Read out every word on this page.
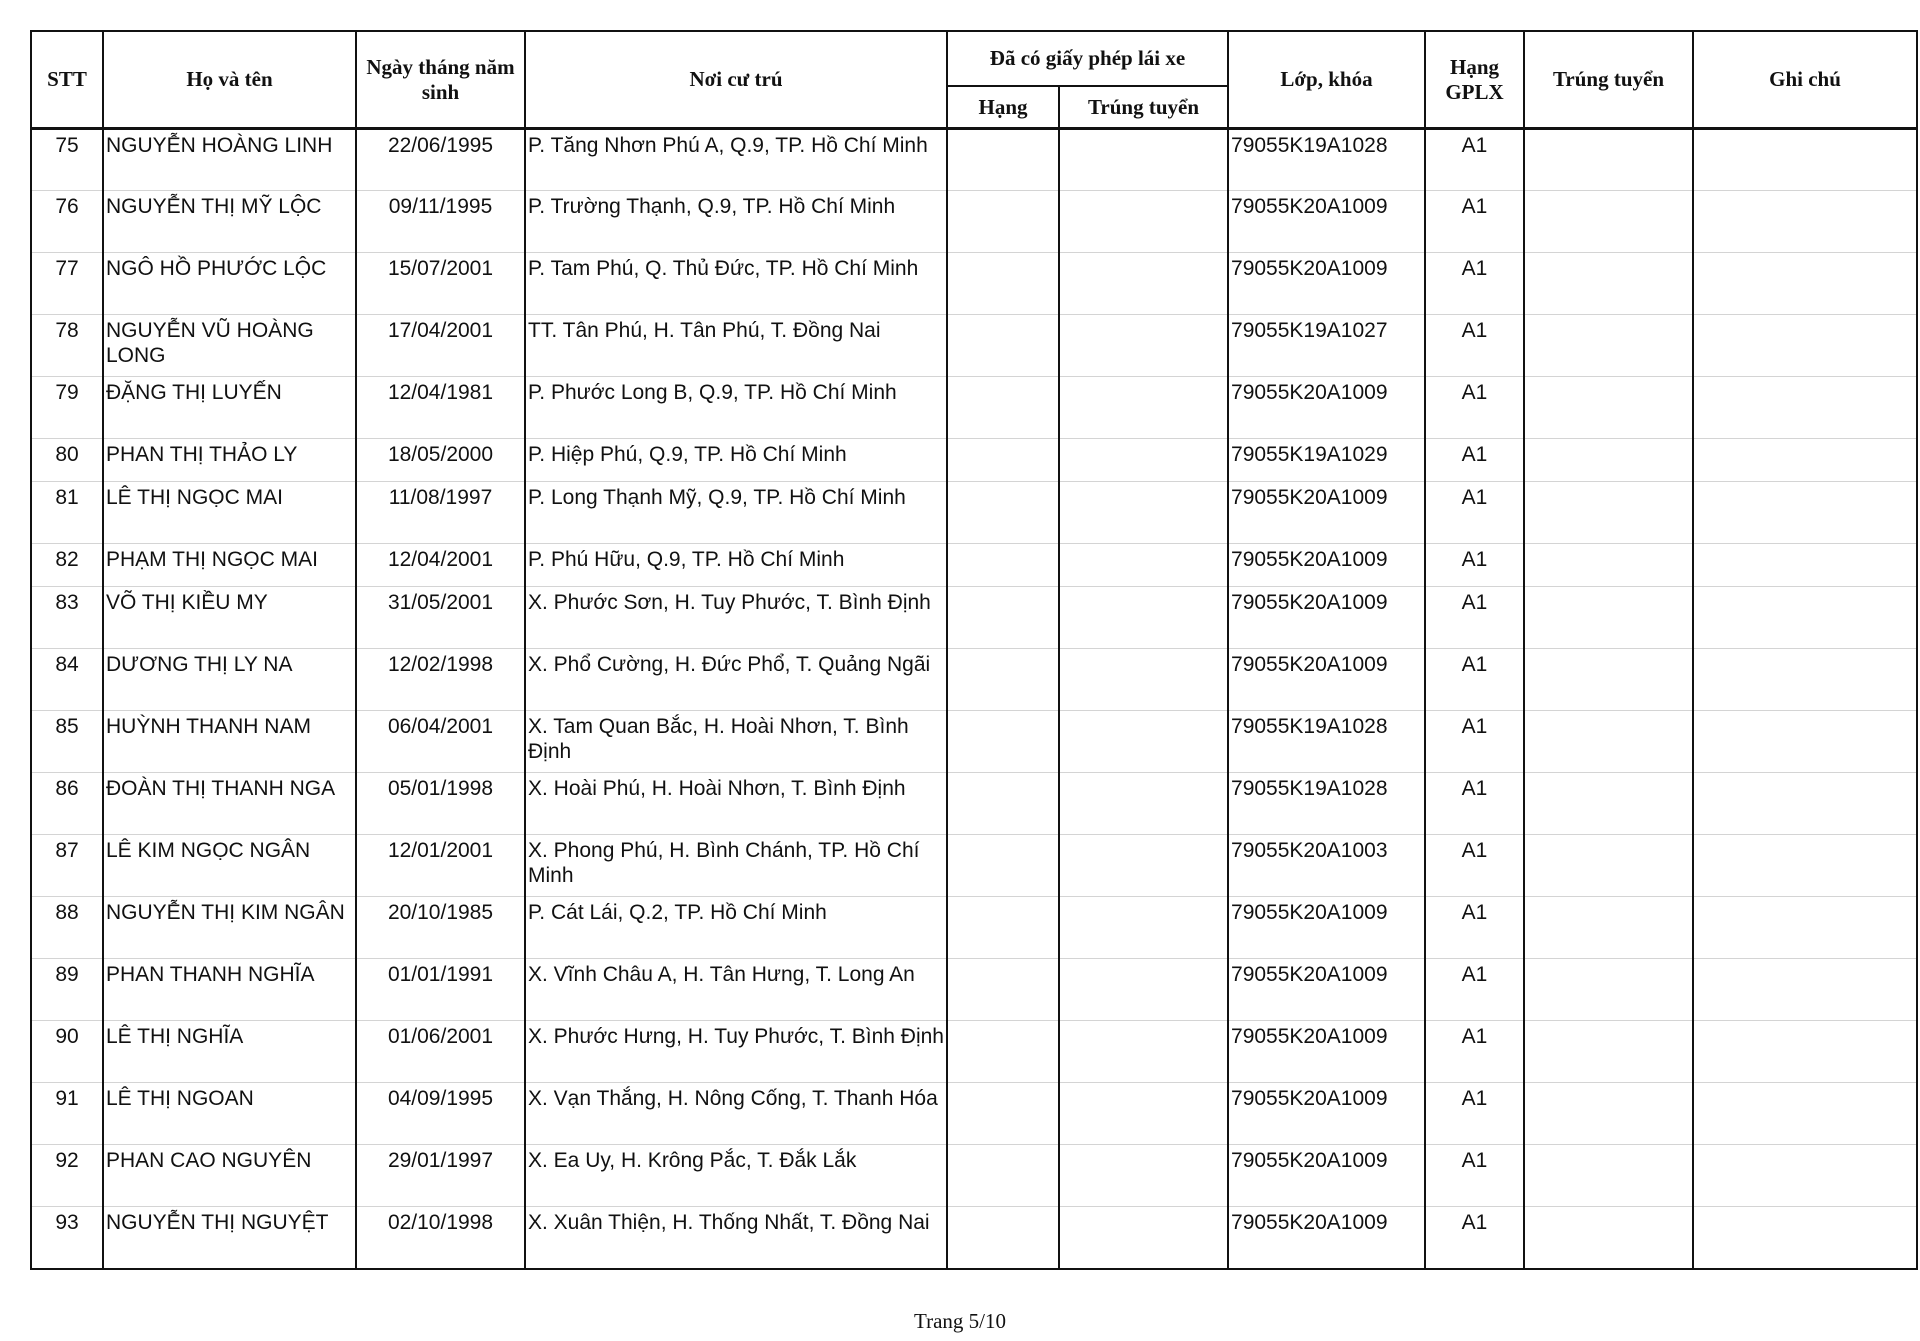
STT	Họ và tên	Ngày tháng năm sinh	Nơi cư trú	Đã có giấy phép lái xe		Lớp, khóa	Hạng GPLX	Trúng tuyển	Ghi chú
				Hạng	Trúng tuyển				
75	NGUYỄN HOÀNG LINH	22/06/1995	P. Tăng Nhơn Phú A, Q.9, TP. Hồ Chí Minh			79055K19A1028	A1		
76	NGUYỄN THỊ MỸ LỘC	09/11/1995	P. Trường Thạnh, Q.9, TP. Hồ Chí Minh			79055K20A1009	A1		
77	NGÔ HỒ PHƯỚC LỘC	15/07/2001	P. Tam Phú, Q. Thủ Đức, TP. Hồ Chí Minh			79055K20A1009	A1		
78	NGUYỄN VŨ HOÀNG LONG	17/04/2001	TT. Tân Phú, H. Tân Phú, T. Đồng Nai			79055K19A1027	A1		
79	ĐẶNG THỊ LUYẾN	12/04/1981	P. Phước Long B, Q.9, TP. Hồ Chí Minh			79055K20A1009	A1		
80	PHAN THỊ THẢO LY	18/05/2000	P. Hiệp Phú, Q.9, TP. Hồ Chí Minh			79055K19A1029	A1		
81	LÊ THỊ NGỌC MAI	11/08/1997	P. Long Thạnh Mỹ, Q.9, TP. Hồ Chí Minh			79055K20A1009	A1		
82	PHẠM THỊ NGỌC MAI	12/04/2001	P. Phú Hữu, Q.9, TP. Hồ Chí Minh			79055K20A1009	A1		
83	VÕ THỊ KIỀU MY	31/05/2001	X. Phước Sơn, H. Tuy Phước, T. Bình Định			79055K20A1009	A1		
84	DƯƠNG THỊ LY NA	12/02/1998	X. Phổ Cường, H. Đức Phổ, T. Quảng Ngãi			79055K20A1009	A1		
85	HUỲNH THANH NAM	06/04/2001	X. Tam Quan Bắc, H. Hoài Nhơn, T. Bình Định			79055K19A1028	A1		
86	ĐOÀN THỊ THANH NGA	05/01/1998	X. Hoài Phú, H. Hoài Nhơn, T. Bình Định			79055K19A1028	A1		
87	LÊ KIM NGỌC NGÂN	12/01/2001	X. Phong Phú, H. Bình Chánh, TP. Hồ Chí Minh			79055K20A1003	A1		
88	NGUYỄN THỊ KIM NGÂN	20/10/1985	P. Cát Lái, Q.2, TP. Hồ Chí Minh			79055K20A1009	A1		
89	PHAN THANH NGHĨA	01/01/1991	X. Vĩnh Châu A, H. Tân Hưng, T. Long An			79055K20A1009	A1		
90	LÊ THỊ NGHĨA	01/06/2001	X. Phước Hưng, H. Tuy Phước, T. Bình Định			79055K20A1009	A1		
91	LÊ THỊ NGOAN	04/09/1995	X. Vạn Thắng, H. Nông Cống, T. Thanh Hóa			79055K20A1009	A1		
92	PHAN CAO NGUYÊN	29/01/1997	X. Ea Uy, H. Krông Pắc, T. Đắk Lắk			79055K20A1009	A1		
93	NGUYỄN THỊ NGUYỆT	02/10/1998	X. Xuân Thiện, H. Thống Nhất, T. Đồng Nai			79055K20A1009	A1		
Trang 5/10
